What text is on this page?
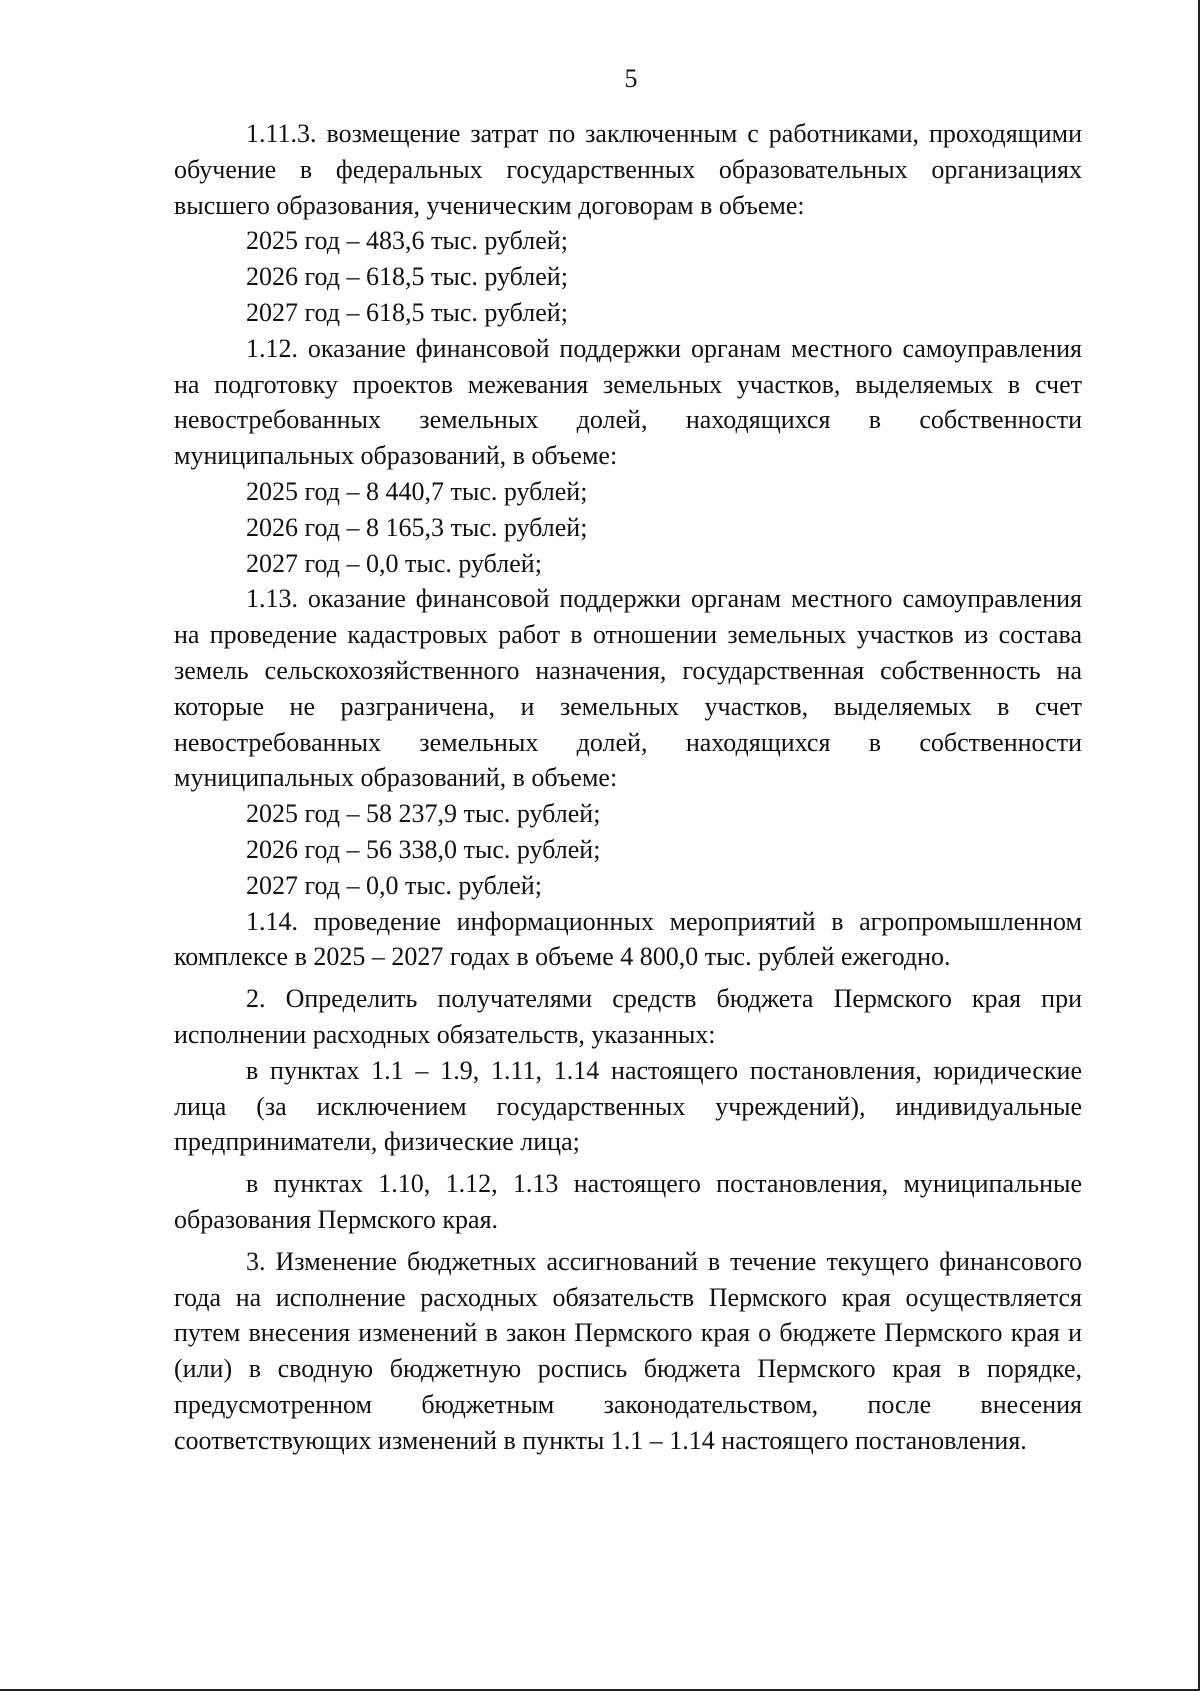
5

1.11.3. возмещение затрат по заключенным с работниками, проходящими обучение в федеральных государственных образовательных организациях высшего образования, ученическим договорам в объеме:

2025 год – 483,6 тыс. рублей;

2026 год – 618,5 тыс. рублей;

2027 год – 618,5 тыс. рублей;

1.12. оказание финансовой поддержки органам местного самоуправления на подготовку проектов межевания земельных участков, выделяемых в счет невостребованных земельных долей, находящихся в собственности муниципальных образований, в объеме:

2025 год – 8 440,7 тыс. рублей;

2026 год – 8 165,3 тыс. рублей;

2027 год – 0,0 тыс. рублей;

1.13. оказание финансовой поддержки органам местного самоуправления на проведение кадастровых работ в отношении земельных участков из состава земель сельскохозяйственного назначения, государственная собственность на которые не разграничена, и земельных участков, выделяемых в счет невостребованных земельных долей, находящихся в собственности муниципальных образований, в объеме:

2025 год – 58 237,9 тыс. рублей;

2026 год – 56 338,0 тыс. рублей;

2027 год – 0,0 тыс. рублей;

1.14. проведение информационных мероприятий в агропромышленном комплексе в 2025 – 2027 годах в объеме 4 800,0 тыс. рублей ежегодно.

2. Определить получателями средств бюджета Пермского края при исполнении расходных обязательств, указанных:

в пунктах 1.1 – 1.9, 1.11, 1.14 настоящего постановления, юридические лица (за исключением государственных учреждений), индивидуальные предприниматели, физические лица;

в пунктах 1.10, 1.12, 1.13 настоящего постановления, муниципальные образования Пермского края.

3. Изменение бюджетных ассигнований в течение текущего финансового года на исполнение расходных обязательств Пермского края осуществляется путем внесения изменений в закон Пермского края о бюджете Пермского края и (или) в сводную бюджетную роспись бюджета Пермского края в порядке, предусмотренном бюджетным законодательством, после внесения соответствующих изменений в пункты 1.1 – 1.14 настоящего постановления.
